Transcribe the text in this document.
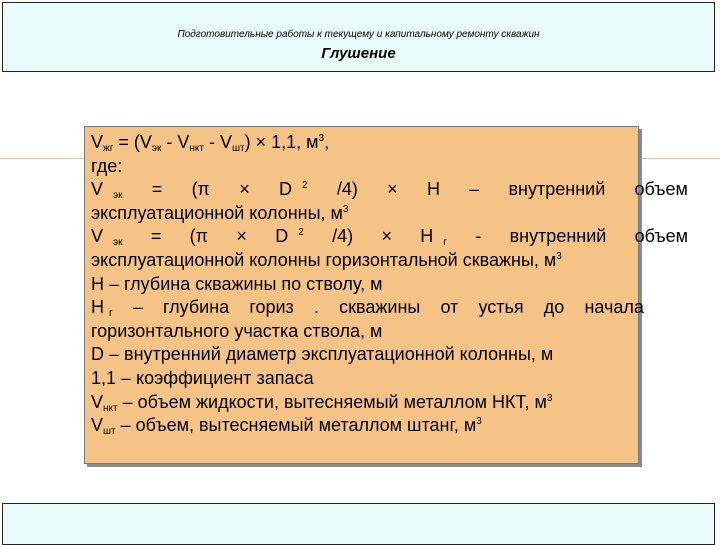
Подготовительные работы к текущему и капитальному ремонту скважин
Глушение
$V_{жг} = (V_{эк} - V_{нкт} - V_{шт}) \times 1,1$, $м^3$,
где:
V $_{эк}$ = (π × D $^2$ /4) × H – внутренний объем
эксплуатационной колонны, $м^3$
V $_{эк}$ = (π × D $^2$ /4) × H $_г$ - внутренний объем
эксплуатационной колонны горизонтальной скважны, $м^3$
H – глубина скважины по стволу, м
H $_г$ – глубина гориз . скважины от устья до начала
горизонтального участка ствола, м
D – внутренний диаметр эксплуатационной колонны, м
1,1 – коэффициент запаса
$V_{нкт}$ – объем жидкости, вытесняемый металлом НКТ, $м^3$
$V_{шт}$ – объем, вытесняемый металлом штанг, $м^3$
